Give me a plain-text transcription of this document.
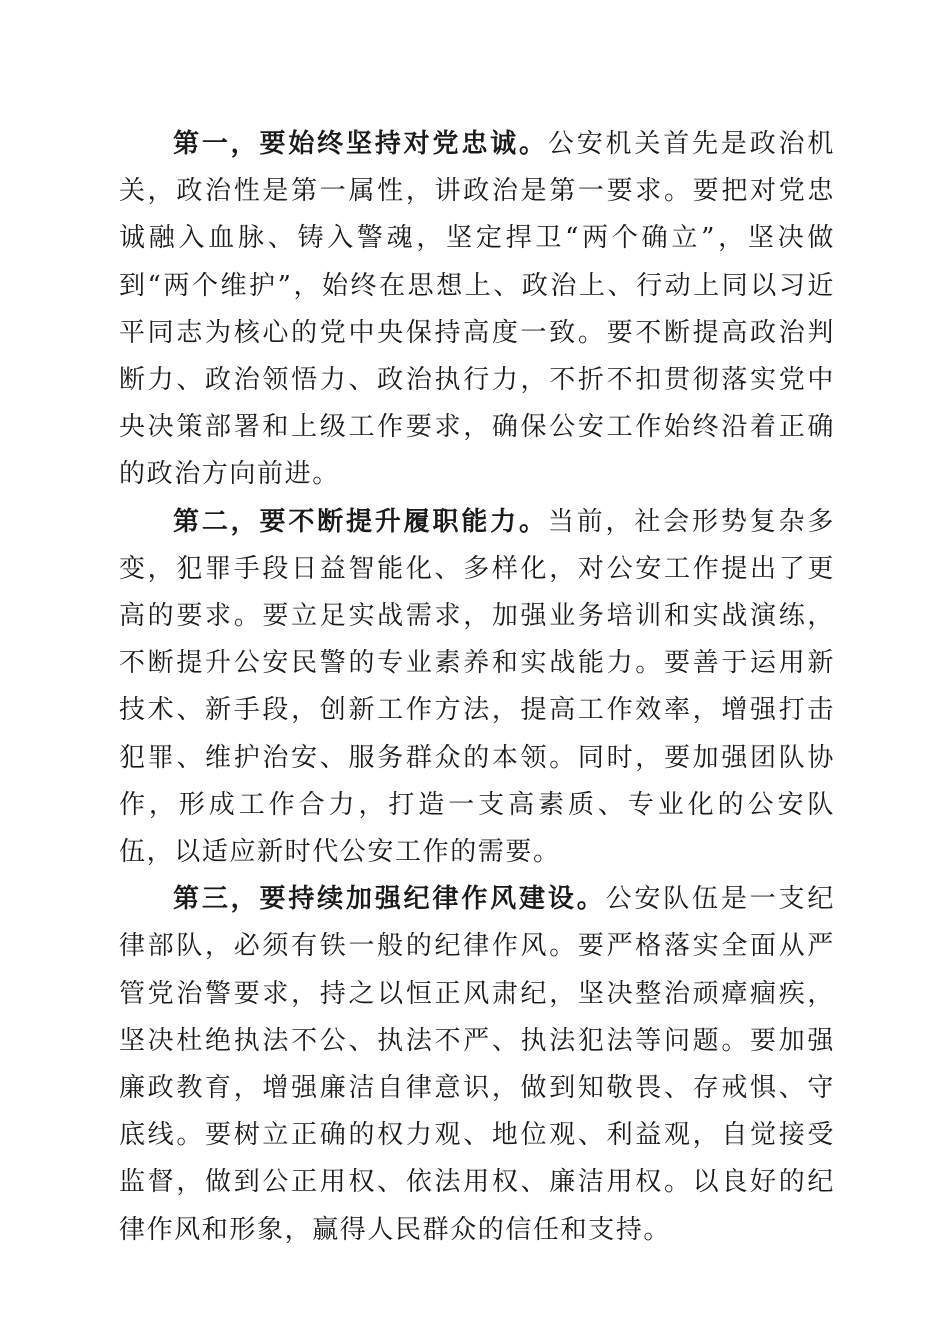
第一，要始终坚持对党忠诚。公安机关首先是政治机关，政治性是第一属性，讲政治是第一要求。要把对党忠诚融入血脉、铸入警魂，坚定捍卫“两个确立”，坚决做到“两个维护”，始终在思想上、政治上、行动上同以习近平同志为核心的党中央保持高度一致。要不断提高政治判断力、政治领悟力、政治执行力，不折不扣贯彻落实党中央决策部署和上级工作要求，确保公安工作始终沿着正确的政治方向前进。

第二，要不断提升履职能力。当前，社会形势复杂多变，犯罪手段日益智能化、多样化，对公安工作提出了更高的要求。要立足实战需求，加强业务培训和实战演练，不断提升公安民警的专业素养和实战能力。要善于运用新技术、新手段，创新工作方法，提高工作效率，增强打击犯罪、维护治安、服务群众的本领。同时，要加强团队协作，形成工作合力，打造一支高素质、专业化的公安队伍，以适应新时代公安工作的需要。

第三，要持续加强纪律作风建设。公安队伍是一支纪律部队，必须有铁一般的纪律作风。要严格落实全面从严管党治警要求，持之以恒正风肃纪，坚决整治顽瘴痼疾，坚决杜绝执法不公、执法不严、执法犯法等问题。要加强廉政教育，增强廉洁自律意识，做到知敬畏、存戒惧、守底线。要树立正确的权力观、地位观、利益观，自觉接受监督，做到公正用权、依法用权、廉洁用权。以良好的纪律作风和形象，赢得人民群众的信任和支持。
